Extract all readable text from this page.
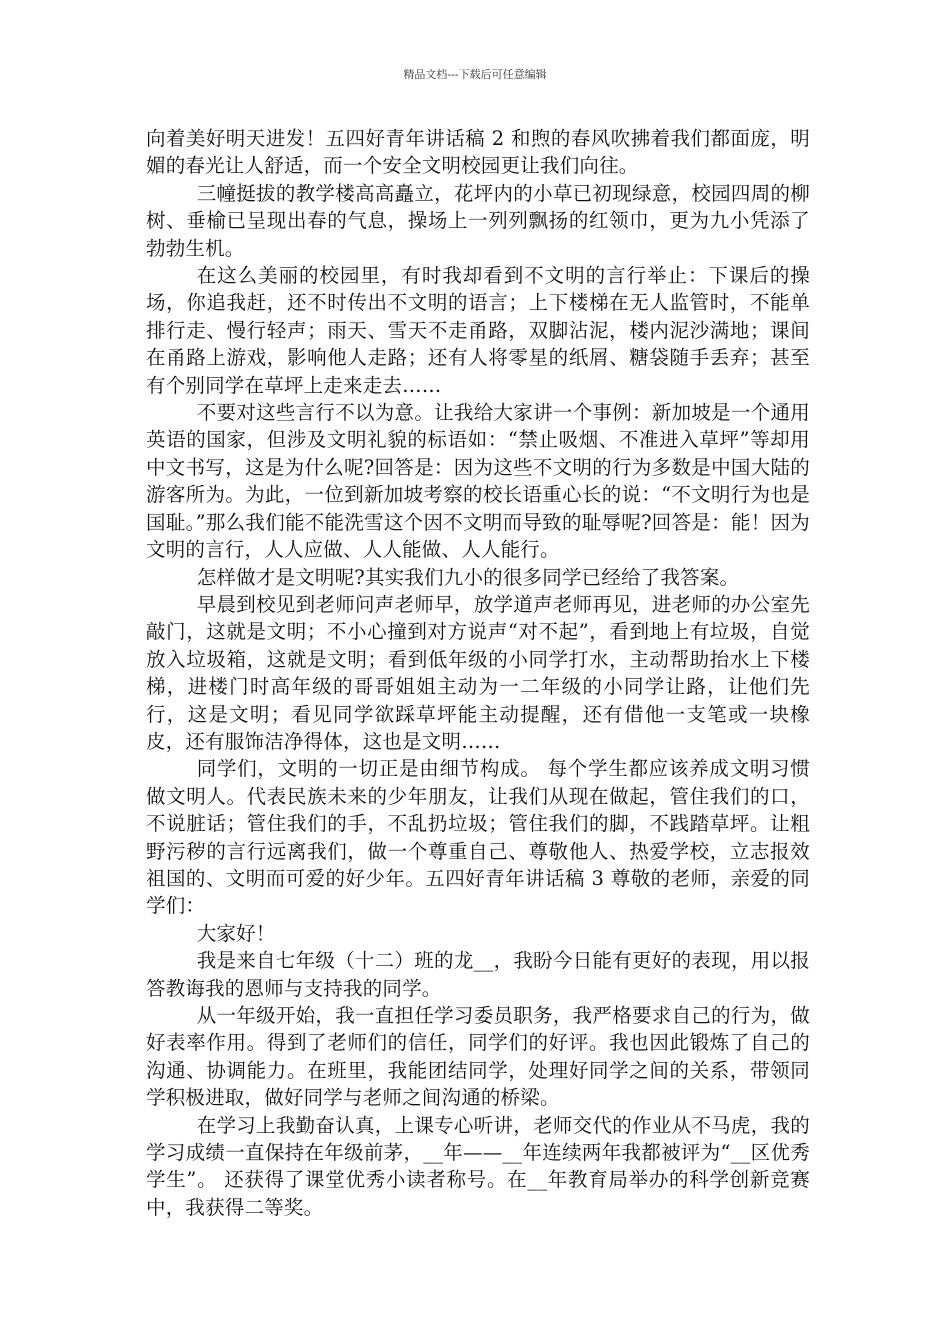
精品文档---下载后可任意编辑

向着美好明天进发！五四好青年讲话稿 2 和煦的春风吹拂着我们都面庞，明媚的春光让人舒适，而一个安全文明校园更让我们向往。

三幢挺拔的教学楼高高矗立，花坪内的小草已初现绿意，校园四周的柳树、垂榆已呈现出春的气息，操场上一列列飘扬的红领巾，更为九小凭添了勃勃生机。

在这么美丽的校园里，有时我却看到不文明的言行举止：下课后的操场，你追我赶，还不时传出不文明的语言；上下楼梯在无人监管时，不能单排行走、慢行轻声；雨天、雪天不走甬路，双脚沾泥，楼内泥沙满地；课间在甬路上游戏，影响他人走路；还有人将零星的纸屑、糖袋随手丢弃；甚至有个别同学在草坪上走来走去……

不要对这些言行不以为意。让我给大家讲一个事例：新加坡是一个通用英语的国家，但涉及文明礼貌的标语如：“禁止吸烟、不准进入草坪”等却用中文书写，这是为什么呢?回答是：因为这些不文明的行为多数是中国大陆的游客所为。为此，一位到新加坡考察的校长语重心长的说：“不文明行为也是国耻。”那么我们能不能洗雪这个因不文明而导致的耻辱呢?回答是：能！因为文明的言行，人人应做、人人能做、人人能行。

怎样做才是文明呢?其实我们九小的很多同学已经给了我答案。

早晨到校见到老师问声老师早，放学道声老师再见，进老师的办公室先敲门，这就是文明；不小心撞到对方说声“对不起”，看到地上有垃圾，自觉放入垃圾箱，这就是文明；看到低年级的小同学打水，主动帮助抬水上下楼梯，进楼门时高年级的哥哥姐姐主动为一二年级的小同学让路，让他们先行，这是文明；看见同学欲踩草坪能主动提醒，还有借他一支笔或一块橡皮，还有服饰洁净得体，这也是文明……

同学们，文明的一切正是由细节构成。 每个学生都应该养成文明习惯做文明人。代表民族未来的少年朋友，让我们从现在做起，管住我们的口，不说脏话；管住我们的手，不乱扔垃圾；管住我们的脚，不践踏草坪。让粗野污秽的言行远离我们，做一个尊重自己、尊敬他人、热爱学校，立志报效祖国的、文明而可爱的好少年。五四好青年讲话稿 3 尊敬的老师，亲爱的同学们：

大家好！

我是来自七年级（十二）班的龙__，我盼今日能有更好的表现，用以报答教诲我的恩师与支持我的同学。

从一年级开始，我一直担任学习委员职务，我严格要求自己的行为，做好表率作用。得到了老师们的信任，同学们的好评。我也因此锻炼了自己的沟通、协调能力。在班里，我能团结同学，处理好同学之间的关系，带领同学积极进取，做好同学与老师之间沟通的桥梁。

在学习上我勤奋认真，上课专心听讲，老师交代的作业从不马虎，我的学习成绩一直保持在年级前茅，__年——__年连续两年我都被评为“__区优秀学生”。 还获得了课堂优秀小读者称号。在__年教育局举办的科学创新竞赛中，我获得二等奖。
